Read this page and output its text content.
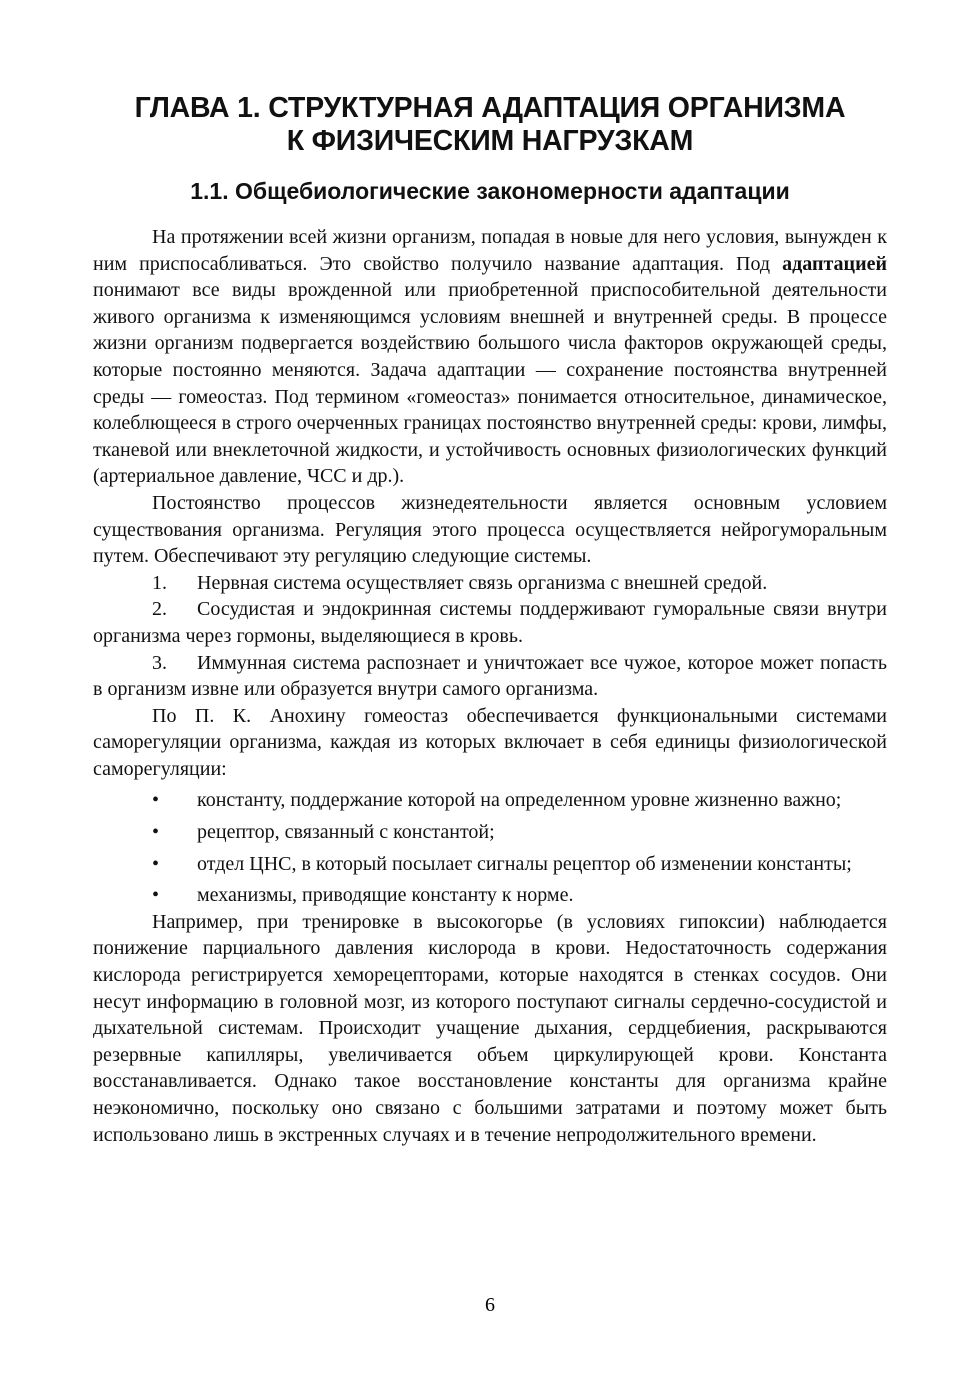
ГЛАВА 1. СТРУКТУРНАЯ АДАПТАЦИЯ ОРГАНИЗМА
К ФИЗИЧЕСКИМ НАГРУЗКАМ
1.1. Общебиологические закономерности адаптации

На протяжении всей жизни организм, попадая в новые для него условия, вынужден к ним приспосабливаться. Это свойство получило название адаптация. Под адаптацией понимают все виды врожденной или приобретенной приспособительной деятельности живого организма к изменяющимся условиям внешней и внутренней среды. В процессе жизни организм подвергается воздействию большого числа факторов окружающей среды, которые постоянно меняются. Задача адаптации — сохранение постоянства внутренней среды — гомеостаз. Под термином «гомеостаз» понимается относительное, динамическое, колеблющееся в строго очерченных границах постоянство внутренней среды: крови, лимфы, тканевой или внеклеточной жидкости, и устойчивость основных физиологических функций (артериальное давление, ЧСС и др.).

Постоянство процессов жизнедеятельности является основным условием существования организма. Регуляция этого процесса осуществляется нейрогуморальным путем. Обеспечивают эту регуляцию следующие системы.

1. Нервная система осуществляет связь организма с внешней средой.

2. Сосудистая и эндокринная системы поддерживают гуморальные связи внутри организма через гормоны, выделяющиеся в кровь.

3. Иммунная система распознает и уничтожает все чужое, которое может попасть в организм извне или образуется внутри самого организма.

По П. К. Анохину гомеостаз обеспечивается функциональными системами саморегуляции организма, каждая из которых включает в себя единицы физиологической саморегуляции:

• константу, поддержание которой на определенном уровне жизненно важно;

• рецептор, связанный с константой;

• отдел ЦНС, в который посылает сигналы рецептор об изменении константы;

• механизмы, приводящие константу к норме.

Например, при тренировке в высокогорье (в условиях гипоксии) наблюдается понижение парциального давления кислорода в крови. Недостаточность содержания кислорода регистрируется хеморецепторами, которые находятся в стенках сосудов. Они несут информацию в головной мозг, из которого поступают сигналы сердечно-сосудистой и дыхательной системам. Происходит учащение дыхания, сердцебиения, раскрываются резервные капилляры, увеличивается объем циркулирующей крови. Константа восстанавливается. Однако такое восстановление константы для организма крайне неэкономично, поскольку оно связано с большими затратами и поэтому может быть использовано лишь в экстренных случаях и в течение непродолжительного времени.

6
